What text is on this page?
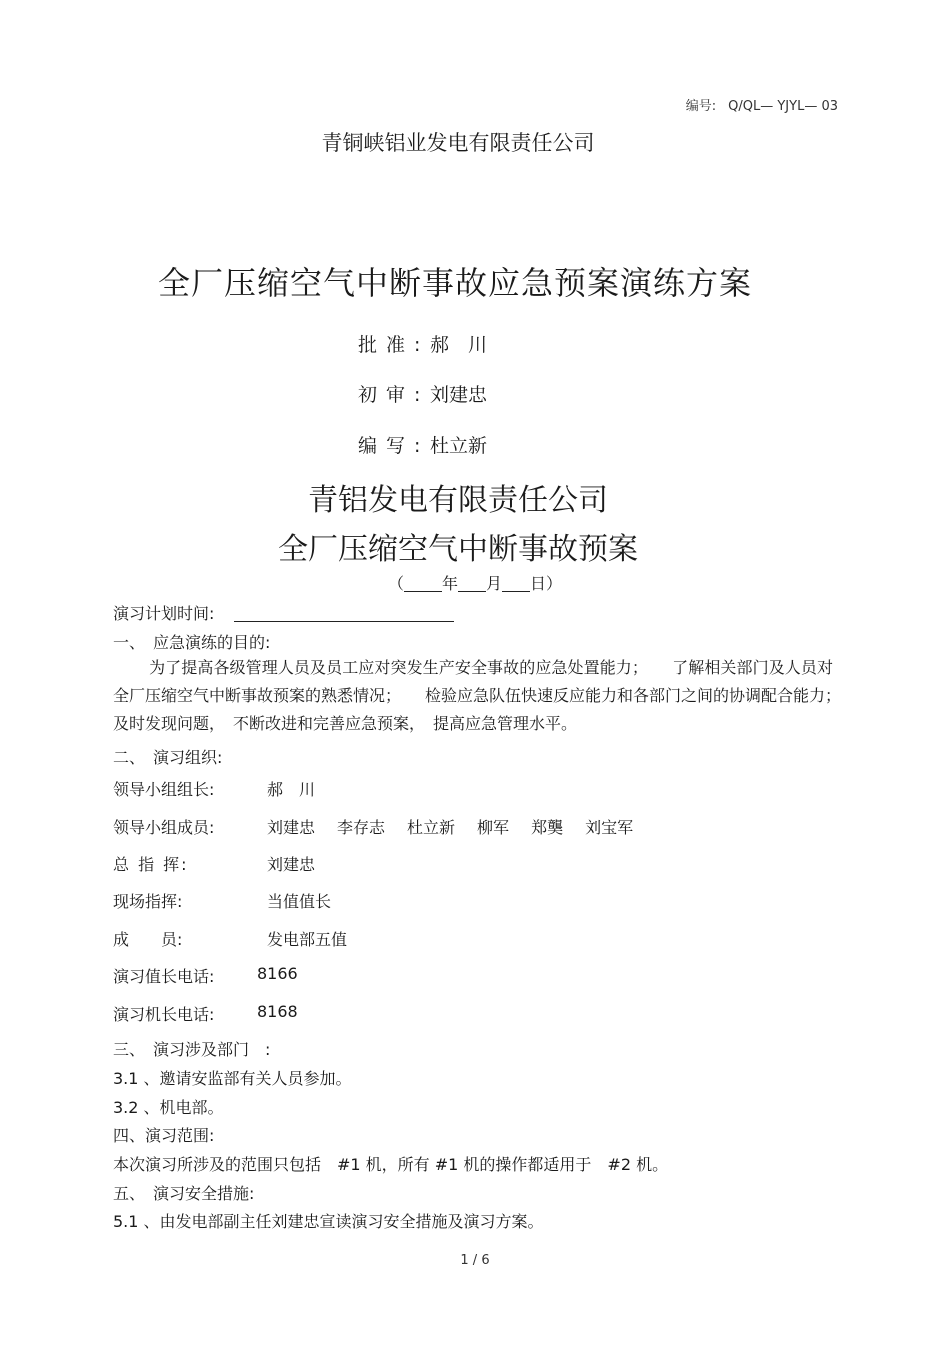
编号: Q/QL— YJYL— 03
青铜峡铝业发电有限责任公司
全厂压缩空气中断事故应急预案演练方案
批准:郝　川
初审:刘建忠
编写:杜立新
青铝发电有限责任公司
全厂压缩空气中断事故预案
（ 年 月 日）
演习计划时间:
一、　应急演练的目的:
为了提高各级管理人员及员工应对突发生产安全事故的应急处置能力；　　了解相关部门及人员对全厂压缩空气中断事故预案的熟悉情况；　　检验应急队伍快速反应能力和各部门之间的协调配合能力；　及时发现问题，　不断改进和完善应急预案，　提高应急管理水平。
二、　演习组织:
领导小组组长:	郝　川
领导小组成员:	刘建忠 李存志 杜立新 柳军 郑龑 刘宝军
总 指 挥:	刘建忠
现场指挥:	当值值长
成　　员:	发电部五值
演习值长电话:	8166
演习机长电话:	8168
三、　演习涉及部门　:
3.1 、邀请安监部有关人员参加。
3.2 、机电部。
四、演习范围:
本次演习所涉及的范围只包括　#1 机，所有 #1 机的操作都适用于　#2 机。
五、　演习安全措施:
5.1 、由发电部副主任刘建忠宣读演习安全措施及演习方案。
1 / 6
